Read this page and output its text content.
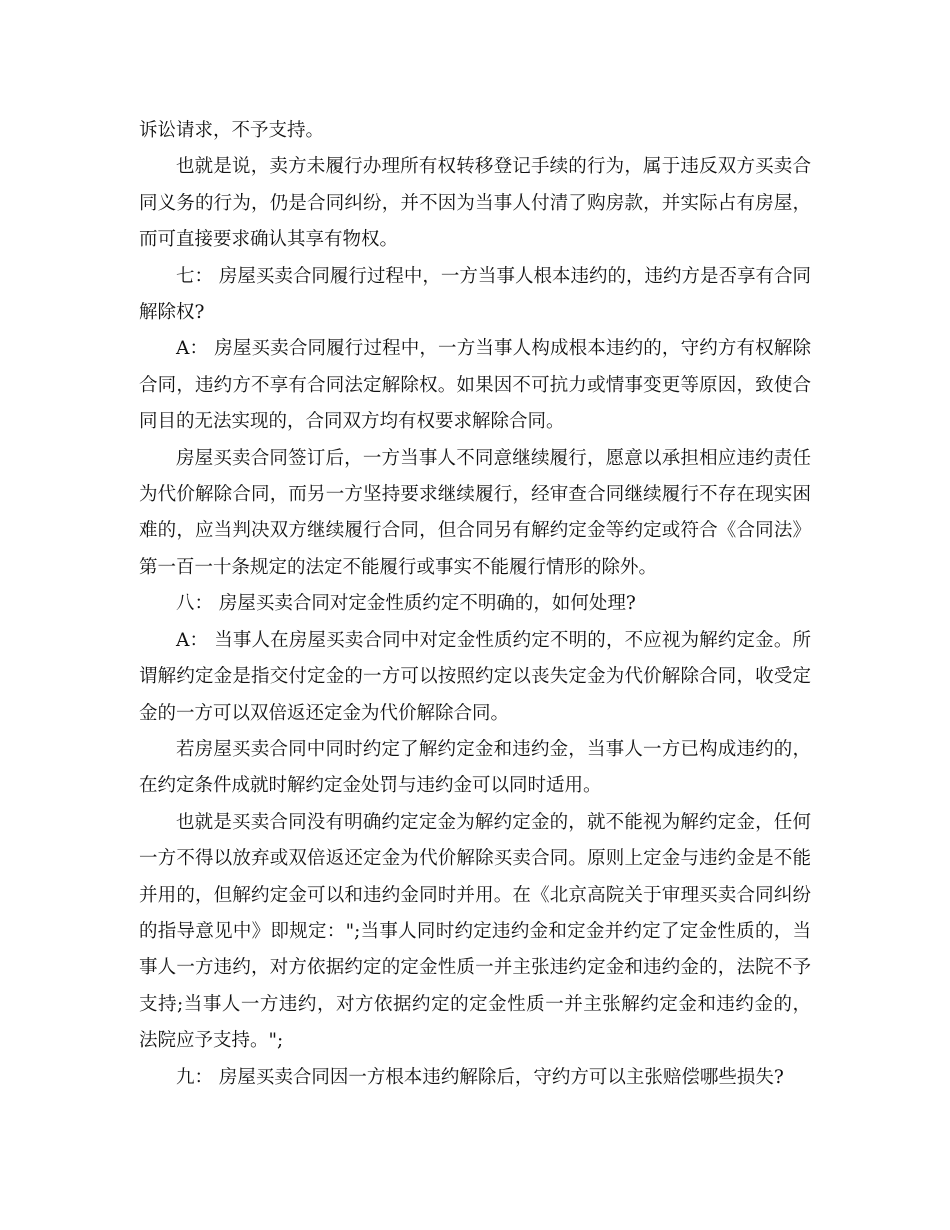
诉讼请求，不予支持。

也就是说，卖方未履行办理所有权转移登记手续的行为，属于违反双方买卖合同义务的行为，仍是合同纠纷，并不因为当事人付清了购房款，并实际占有房屋，而可直接要求确认其享有物权。

七： 房屋买卖合同履行过程中，一方当事人根本违约的，违约方是否享有合同解除权?

A： 房屋买卖合同履行过程中，一方当事人构成根本违约的，守约方有权解除合同，违约方不享有合同法定解除权。如果因不可抗力或情事变更等原因，致使合同目的无法实现的，合同双方均有权要求解除合同。

房屋买卖合同签订后，一方当事人不同意继续履行，愿意以承担相应违约责任为代价解除合同，而另一方坚持要求继续履行，经审查合同继续履行不存在现实困难的，应当判决双方继续履行合同，但合同另有解约定金等约定或符合《合同法》第一百一十条规定的法定不能履行或事实不能履行情形的除外。

八： 房屋买卖合同对定金性质约定不明确的，如何处理?

A： 当事人在房屋买卖合同中对定金性质约定不明的，不应视为解约定金。所谓解约定金是指交付定金的一方可以按照约定以丧失定金为代价解除合同，收受定金的一方可以双倍返还定金为代价解除合同。

若房屋买卖合同中同时约定了解约定金和违约金，当事人一方已构成违约的，在约定条件成就时解约定金处罚与违约金可以同时适用。

也就是买卖合同没有明确约定定金为解约定金的，就不能视为解约定金，任何一方不得以放弃或双倍返还定金为代价解除买卖合同。原则上定金与违约金是不能并用的，但解约定金可以和违约金同时并用。在《北京高院关于审理买卖合同纠纷的指导意见中》即规定：";当事人同时约定违约金和定金并约定了定金性质的，当事人一方违约，对方依据约定的定金性质一并主张违约定金和违约金的，法院不予支持;当事人一方违约，对方依据约定的定金性质一并主张解约定金和违约金的，法院应予支持。";

九： 房屋买卖合同因一方根本违约解除后，守约方可以主张赔偿哪些损失?
